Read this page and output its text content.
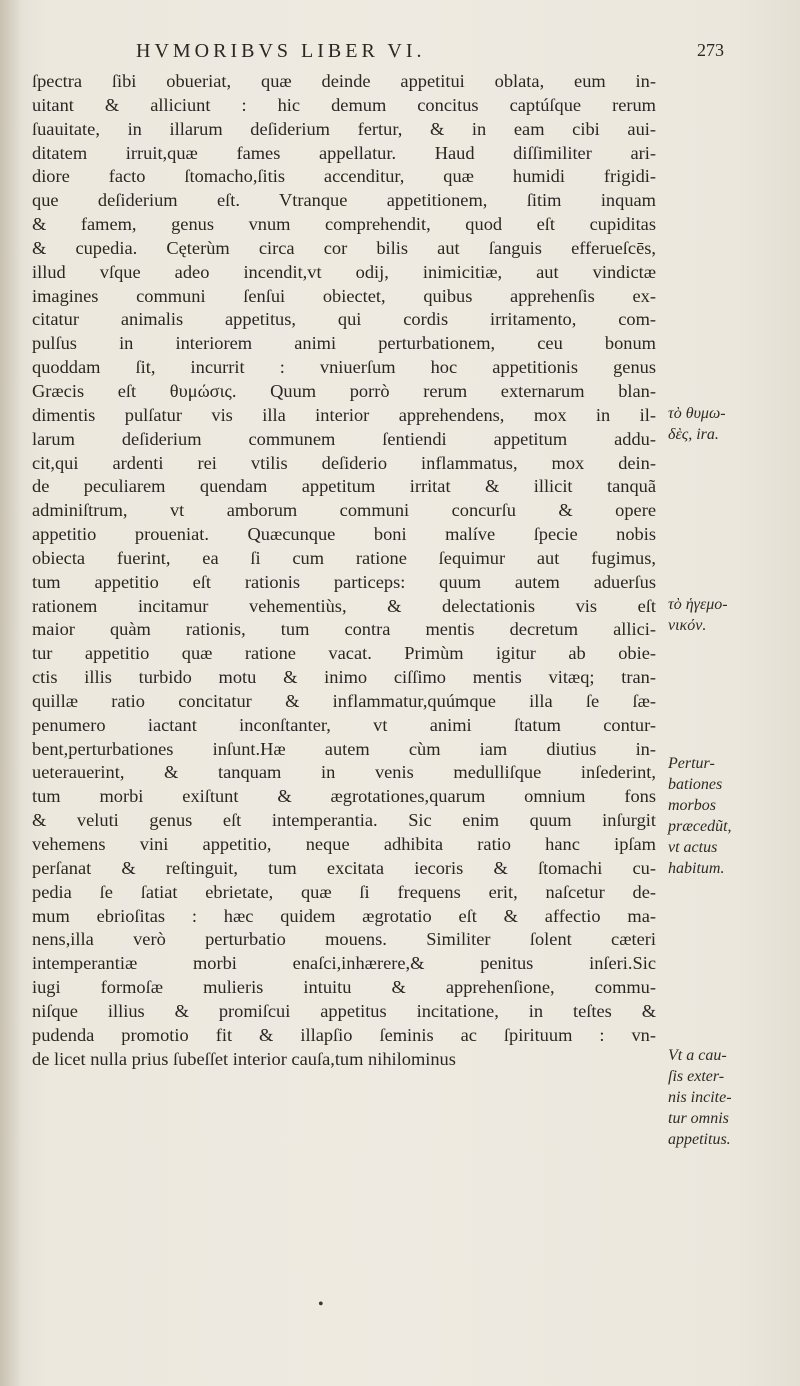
HVMORIBVS LIBER VI.	273
ſpectra ſibi obueriat, quæ deinde appetitui oblata, eum in-
uitant & alliciunt : hic demum concitus captúſque rerum
ſuauitate, in illarum deſiderium fertur, & in eam cibi aui-
ditatem irruit,quæ fames appellatur. Haud diſſimiliter ari-
diore facto ſtomacho,ſitis accenditur, quæ humidi frigidi-
que deſiderium eſt. Vtranque appetitionem, ſitim inquam
& famem, genus vnum comprehendit, quod eſt cupiditas
& cupedia. Cęterùm circa cor bilis aut ſanguis efferueſcēs,
illud vſque adeo incendit,vt odij, inimicitiæ, aut vindictæ
imagines communi ſenſui obiectet, quibus apprehenſis ex-
citatur animalis appetitus, qui cordis irritamento, com-
pulſus in interiorem animi perturbationem, ceu bonum
quoddam ſit, incurrit : vniuerſum hoc appetitionis genus
Græcis eſt θυμώσις. Quum porrò rerum externarum blan-
dimentis pulſatur vis illa interior apprehendens, mox in il-
larum deſiderium communem ſentiendi appetitum addu-
cit,qui ardenti rei vtilis deſiderio inflammatus, mox dein-
de peculiarem quendam appetitum irritat & illicit tanquã
adminiſtrum, vt amborum communi concurſu & opere
appetitio proueniat. Quæcunque boni malíve ſpecie nobis
obiecta fuerint, ea ſi cum ratione ſequimur aut fugimus,
tum appetitio eſt rationis particeps: quum autem aduerſus
rationem incitamur vehementiùs, & delectationis vis eſt
maior quàm rationis, tum contra mentis decretum allici-
tur appetitio quæ ratione vacat. Primùm igitur ab obie-
ctis illis turbido motu & inimo ciſſimo mentis vitæq; tran-
quillæ ratio concitatur & inflammatur,quúmque illa ſe ſæ-
penumero iactant inconſtanter, vt animi ſtatum contur-
bent,perturbationes inſunt.Hæ autem cùm iam diutius in-
ueterauerint, & tanquam in venis medulliſque inſederint,
tum morbi exiſtunt & ægrotationes,quarum omnium fons
& veluti genus eſt intemperantia. Sic enim quum inſurgit
vehemens vini appetitio, neque adhibita ratio hanc ipſam
perſanat & reſtinguit, tum excitata iecoris & ſtomachi cu-
pedia ſe ſatiat ebrietate, quæ ſi frequens erit, naſcetur de-
mum ebrioſitas : hæc quidem ægrotatio eſt & affectio ma-
nens,illa verò perturbatio mouens. Similiter ſolent cæteri
intemperantiæ morbi enaſci,inhærere,& penitus inſeri.Sic
iugi formoſæ mulieris intuitu & apprehenſione, commu-
niſque illius & promiſcui appetitus incitatione, in teſtes &
pudenda promotio fit & illapſio ſeminis ac ſpirituum : vn-
de licet nulla prius ſubeſſet interior cauſa,tum nihilominus
τὸ θυμω-
δὲς, ira.
τὸ ἡγεμο-
νικόν.
Pertur-
bationes
morbos
præcedũt,
vt actus
habitum.
Vt a cau-
ſis exter-
nis incite-
tur omnis
appetitus.
•
